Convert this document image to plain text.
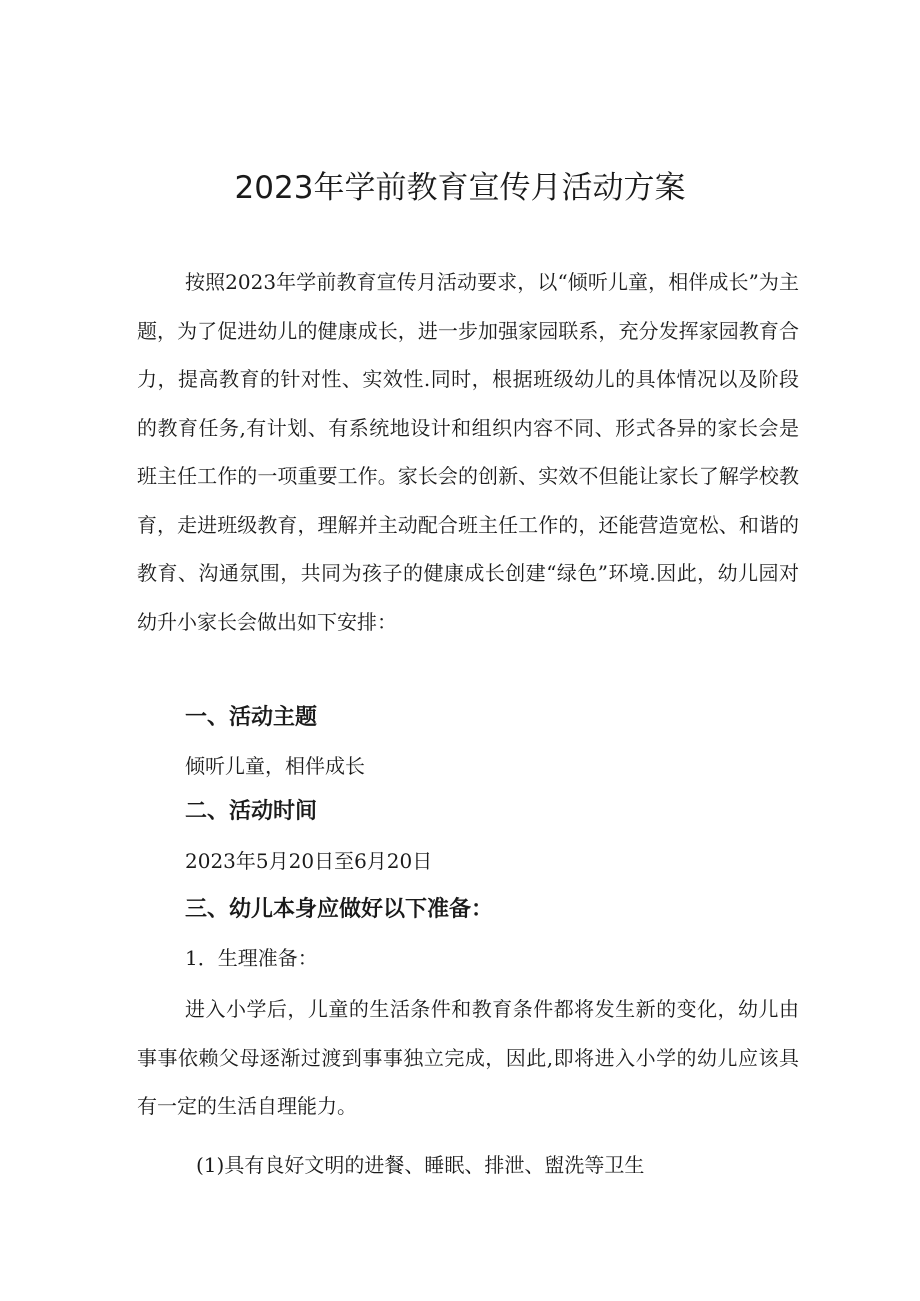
2023年学前教育宣传月活动方案

按照2023年学前教育宣传月活动要求，以“倾听儿童，相伴成长”为主题，为了促进幼儿的健康成长，进一步加强家园联系，充分发挥家园教育合力，提高教育的针对性、实效性.同时，根据班级幼儿的具体情况以及阶段的教育任务,有计划、有系统地设计和组织内容不同、形式各异的家长会是班主任工作的一项重要工作。家长会的创新、实效不但能让家长了解学校教育，走进班级教育，理解并主动配合班主任工作的，还能营造宽松、和谐的教育、沟通氛围，共同为孩子的健康成长创建“绿色”环境.因此，幼儿园对幼升小家长会做出如下安排：

一、活动主题
倾听儿童，相伴成长
二、活动时间
2023年5月20日至6月20日
三、幼儿本身应做好以下准备：
1．生理准备：

进入小学后，儿童的生活条件和教育条件都将发生新的变化，幼儿由事事依赖父母逐渐过渡到事事独立完成，因此,即将进入小学的幼儿应该具有一定的生活自理能力。

(1)具有良好文明的进餐、睡眠、排泄、盥洗等卫生
